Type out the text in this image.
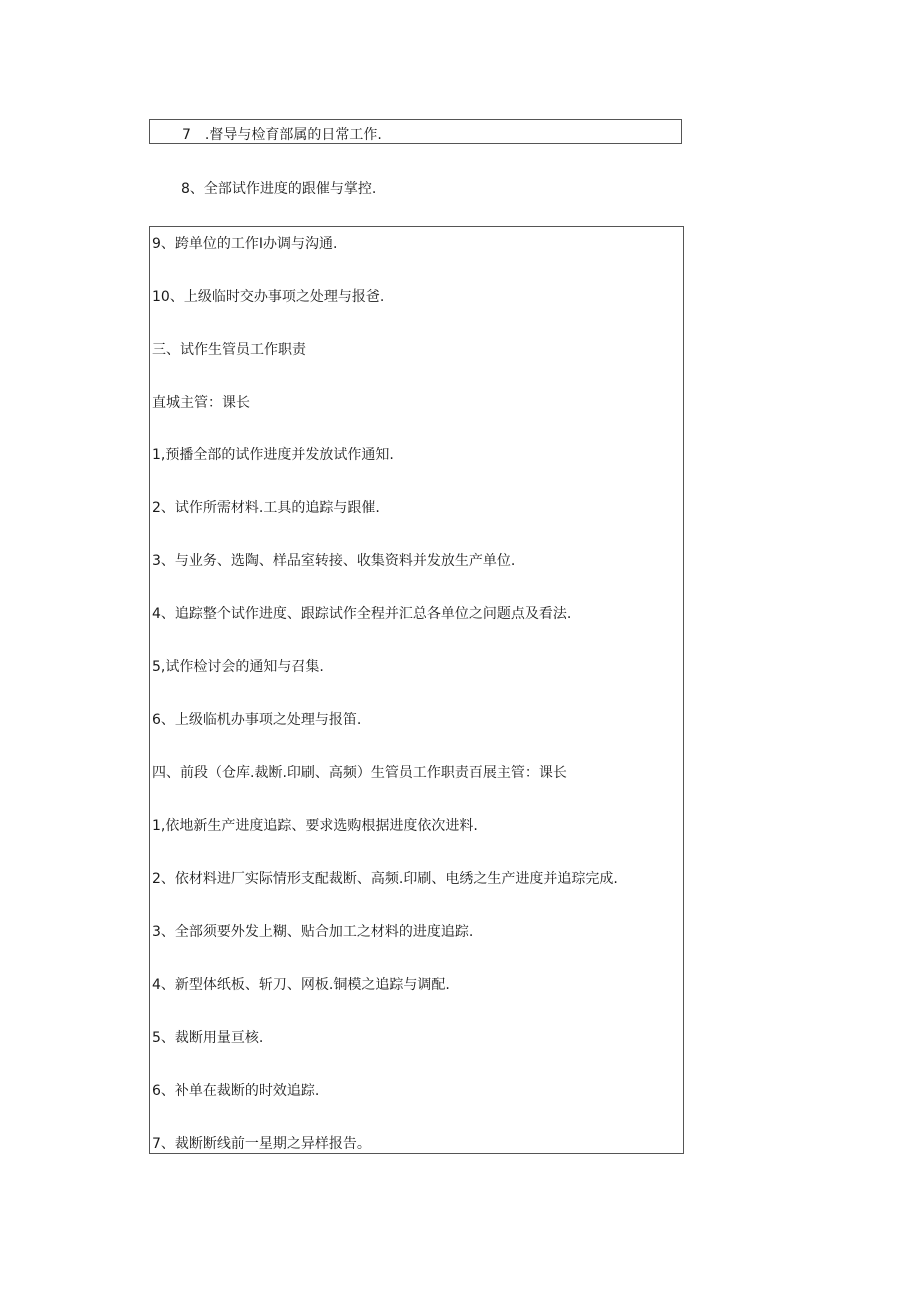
7　.督导与检育部属的日常工作.
8、全部试作进度的跟催与掌控.
9、跨单位的工作I办调与沟通.
10、上级临时交办事项之处理与报爸.
三、试作生管员工作职责
直城主管：课长
1,预播全部的试作进度并发放试作通知.
2、试作所需材料.工具的追踪与跟催.
3、与业务、选陶、样品室转接、收集资料并发放生产单位.
4、追踪整个试作进度、跟踪试作全程并汇总各单位之问题点及看法.
5,试作检讨会的通知与召集.
6、上级临机办事项之处理与报笛.
四、前段（仓库.裁断.印刷、高频）生管员工作职责百展主管：课长
1,依地新生产进度追踪、要求选购根据进度依次进料.
2、依材料进厂实际情形支配裁断、高频.印刷、电绣之生产进度并追琮完成.
3、全部须要外发上糊、贴合加工之材料的进度追踪.
4、新型体纸板、斩刀、网板.铜模之追踪与调配.
5、裁断用量亘核.
6、补单在裁断的时效追踪.
7、裁断断线前一星期之异样报告。
